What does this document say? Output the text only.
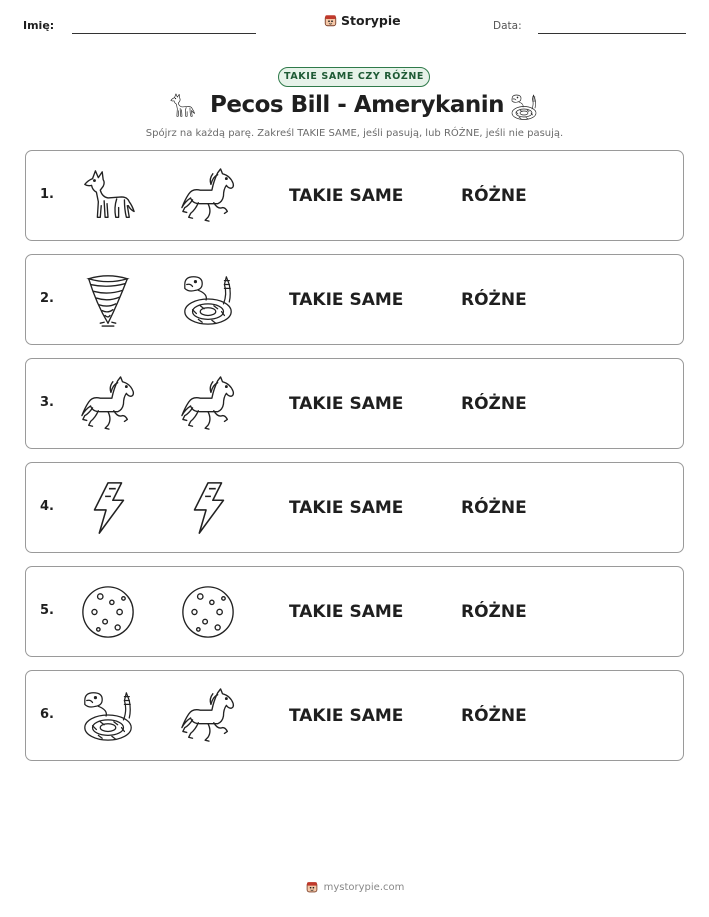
Imię:	Storypie	Data:
TAKIE SAME CZY RÓŻNE
Pecos Bill - Amerykanin
Spójrz na każdą parę. Zakreśl TAKIE SAME, jeśli pasują, lub RÓŻNE, jeśli nie pasują.
1.	TAKIE SAME	RÓŻNE
2.	TAKIE SAME	RÓŻNE
3.	TAKIE SAME	RÓŻNE
4.	TAKIE SAME	RÓŻNE
5.	TAKIE SAME	RÓŻNE
6.	TAKIE SAME	RÓŻNE
mystorypie.com
